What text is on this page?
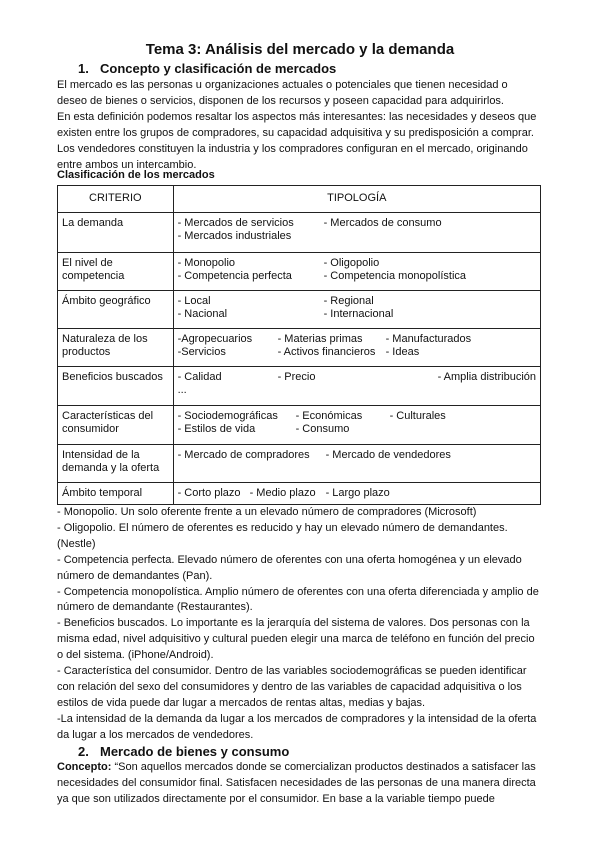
Tema 3: Análisis del mercado y la demanda
1. Concepto y clasificación de mercados
El mercado es las personas u organizaciones actuales o potenciales que tienen necesidad o
deseo de bienes o servicios, disponen de los recursos y poseen capacidad para adquirirlos.
En esta definición podemos resaltar los aspectos más interesantes: las necesidades y deseos que
existen entre los grupos de compradores, su capacidad adquisitiva y su predisposición a comprar.
Los vendedores constituyen la industria y los compradores configuran en el mercado, originando
entre ambos un intercambio.
Clasificación de los mercados
CRITERIO	TIPOLOGÍA
La demanda	- Mercados de servicios - Mercados de consumo
- Mercados industriales

El nivel de competencia	- Monopolio - Oligopolio
- Competencia perfecta - Competencia monopolística

Ámbito geográfico	- Local - Regional
- Nacional - Internacional

Naturaleza de los productos	-Agropecuarios - Materias primas - Manufacturados
-Servicios - Activos financieros - Ideas

Beneficios buscados	- Calidad - Precio - Amplia distribución
...

Características del consumidor	- Sociodemográficas - Económicas - Culturales
- Estilos de vida - Consumo

Intensidad de la demanda y la oferta	- Mercado de compradores - Mercado de vendedores

Ámbito temporal	- Corto plazo - Medio plazo - Largo plazo
- Monopolio. Un solo oferente frente a un elevado número de compradores (Microsoft)
- Oligopolio. El número de oferentes es reducido y hay un elevado número de demandantes.
(Nestle)
- Competencia perfecta. Elevado número de oferentes con una oferta homogénea y un elevado
número de demandantes (Pan).
- Competencia monopolística. Amplio número de oferentes con una oferta diferenciada y amplio de
número de demandante (Restaurantes).
- Beneficios buscados. Lo importante es la jerarquía del sistema de valores. Dos personas con la
misma edad, nivel adquisitivo y cultural pueden elegir una marca de teléfono en función del precio
o del sistema. (iPhone/Android).
- Característica del consumidor. Dentro de las variables sociodemográficas se pueden identificar
con relación del sexo del consumidores y dentro de las variables de capacidad adquisitiva o los
estilos de vida puede dar lugar a mercados de rentas altas, medias y bajas.
-La intensidad de la demanda da lugar a los mercados de compradores y la intensidad de la oferta
da lugar a los mercados de vendedores.
2. Mercado de bienes y consumo
Concepto: “Son aquellos mercados donde se comercializan productos destinados a satisfacer las
necesidades del consumidor final. Satisfacen necesidades de las personas de una manera directa
ya que son utilizados directamente por el consumidor. En base a la variable tiempo puede
